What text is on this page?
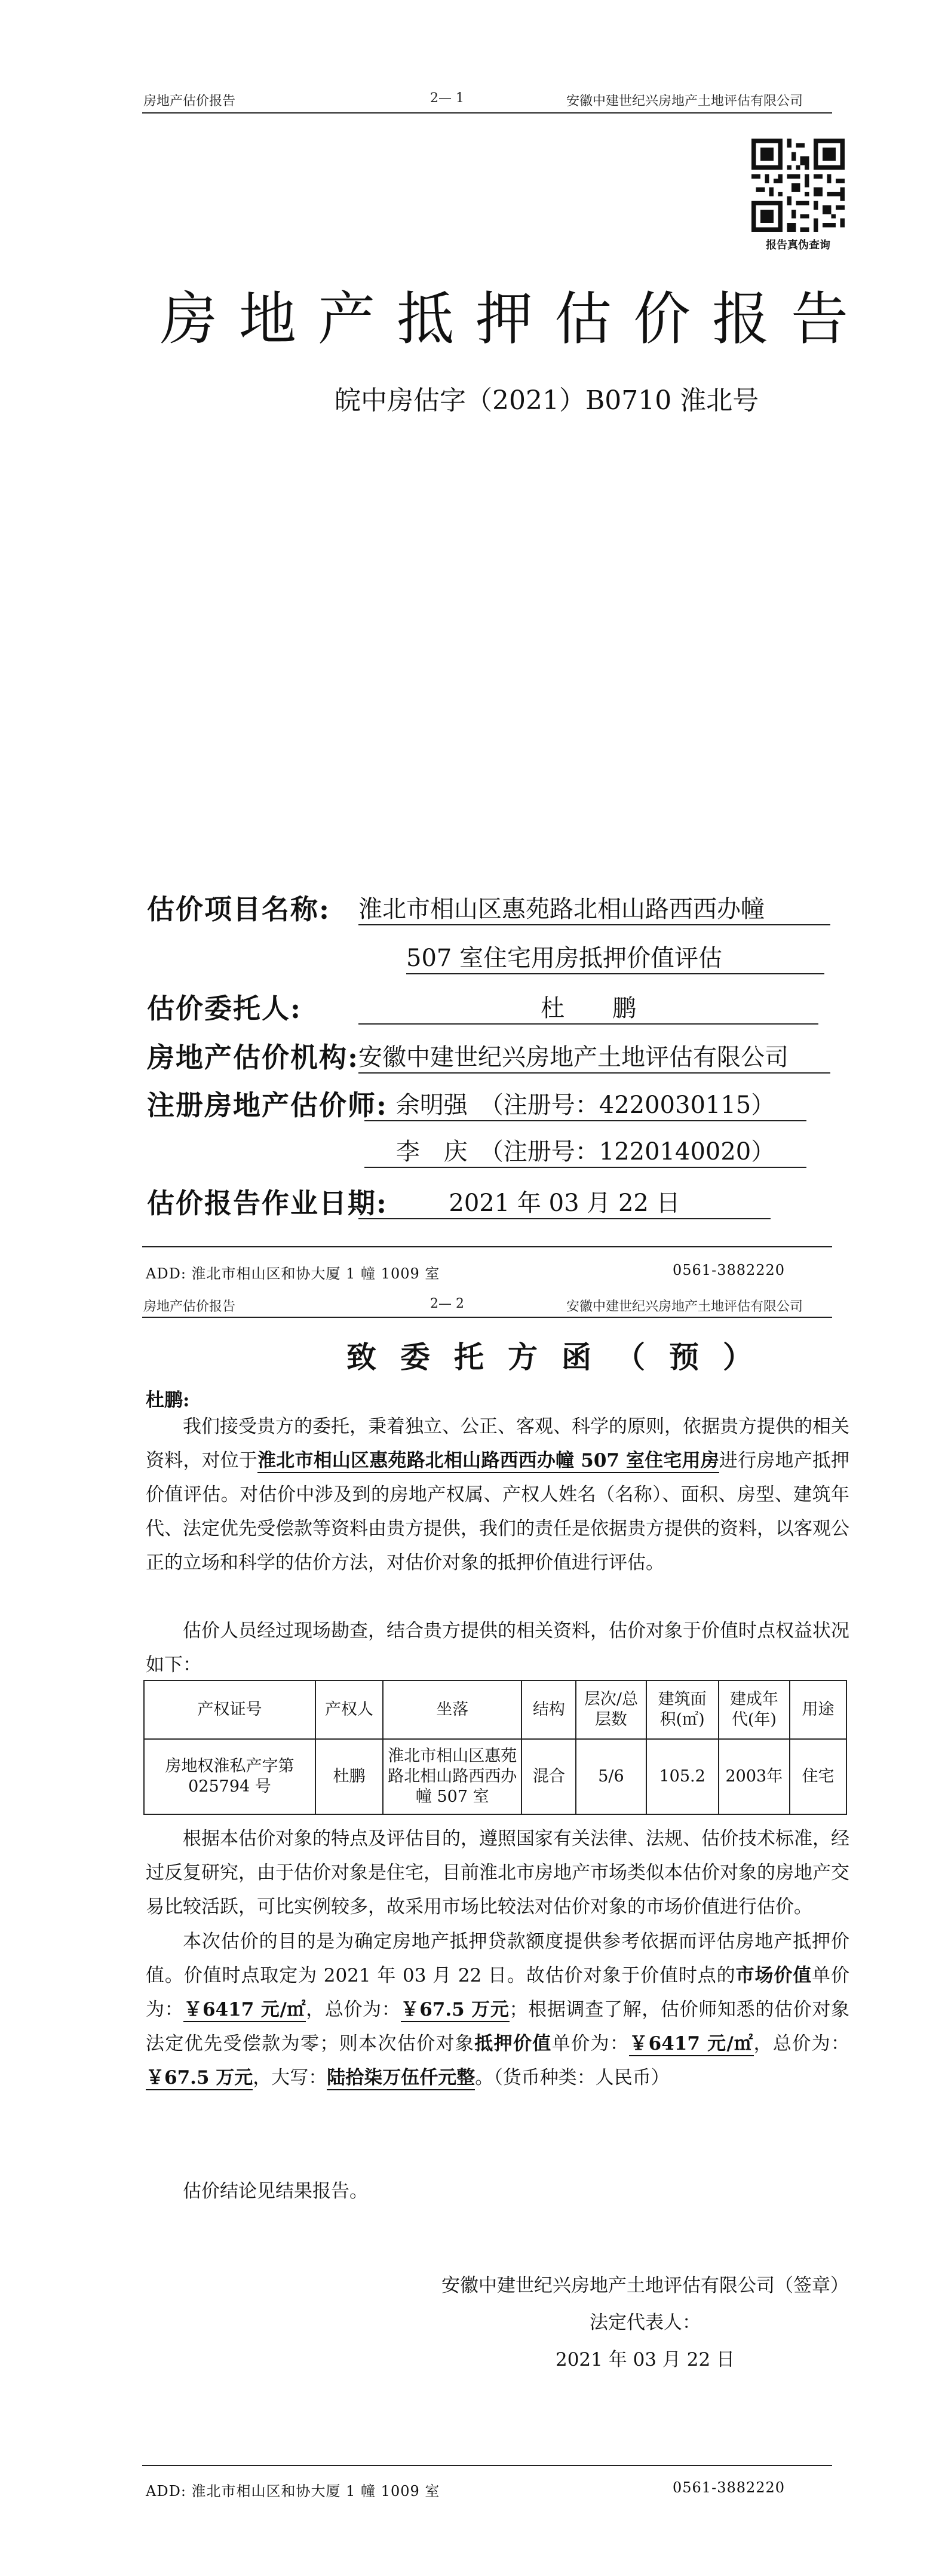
房地产估价报告	2— 1	安徽中建世纪兴房地产土地评估有限公司
报告真伪查询
房地产抵押估价报告
皖中房估字（2021）B0710 淮北号
估价项目名称: 淮北市相山区惠苑路北相山路西西办幢
507 室住宅用房抵押价值评估
估价委托人:	杜　　鹏
房地产估价机构: 安徽中建世纪兴房地产土地评估有限公司
注册房地产估价师: 余明强　（注册号：4220030115）
李　庆　（注册号：1220140020）
估价报告作业日期:	2021 年 03 月 22 日
ADD: 淮北市相山区和协大厦 1 幢 1009 室	0561-3882220
房地产估价报告	2— 2	安徽中建世纪兴房地产土地评估有限公司
致委托方函（预）
杜鹏:
我们接受贵方的委托，秉着独立、公正、客观、科学的原则，依据贵方提供的相关资料，对位于淮北市相山区惠苑路北相山路西西办幢 507 室住宅用房进行房地产抵押价值评估。对估价中涉及到的房地产权属、产权人姓名（名称）、面积、房型、建筑年代、法定优先受偿款等资料由贵方提供，我们的责任是依据贵方提供的资料，以客观公正的立场和科学的估价方法，对估价对象的抵押价值进行评估。
估价人员经过现场勘查，结合贵方提供的相关资料，估价对象于价值时点权益状况如下：
产权证号	产权人	坐落	结构	层次/总层数	建筑面积(㎡)	建成年代(年)	用途
房地权淮私产字第 025794 号	杜鹏	淮北市相山区惠苑路北相山路西西办幢 507 室	混合	5/6	105.2	2003年	住宅
根据本估价对象的特点及评估目的，遵照国家有关法律、法规、估价技术标准，经过反复研究，由于估价对象是住宅，目前淮北市房地产市场类似本估价对象的房地产交易比较活跃，可比实例较多，故采用市场比较法对估价对象的市场价值进行估价。
本次估价的目的是为确定房地产抵押贷款额度提供参考依据而评估房地产抵押价值。价值时点取定为 2021 年 03 月 22 日。故估价对象于价值时点的市场价值单价为：￥6417 元/㎡，总价为：￥67.5 万元；根据调查了解，估价师知悉的估价对象法定优先受偿款为零；则本次估价对象抵押价值单价为：￥6417 元/㎡，总价为：￥67.5 万元，大写：陆拾柒万伍仟元整。（货币种类：人民币）
估价结论见结果报告。
安徽中建世纪兴房地产土地评估有限公司（签章）
法定代表人：
2021 年 03 月 22 日
ADD: 淮北市相山区和协大厦 1 幢 1009 室	0561-3882220
